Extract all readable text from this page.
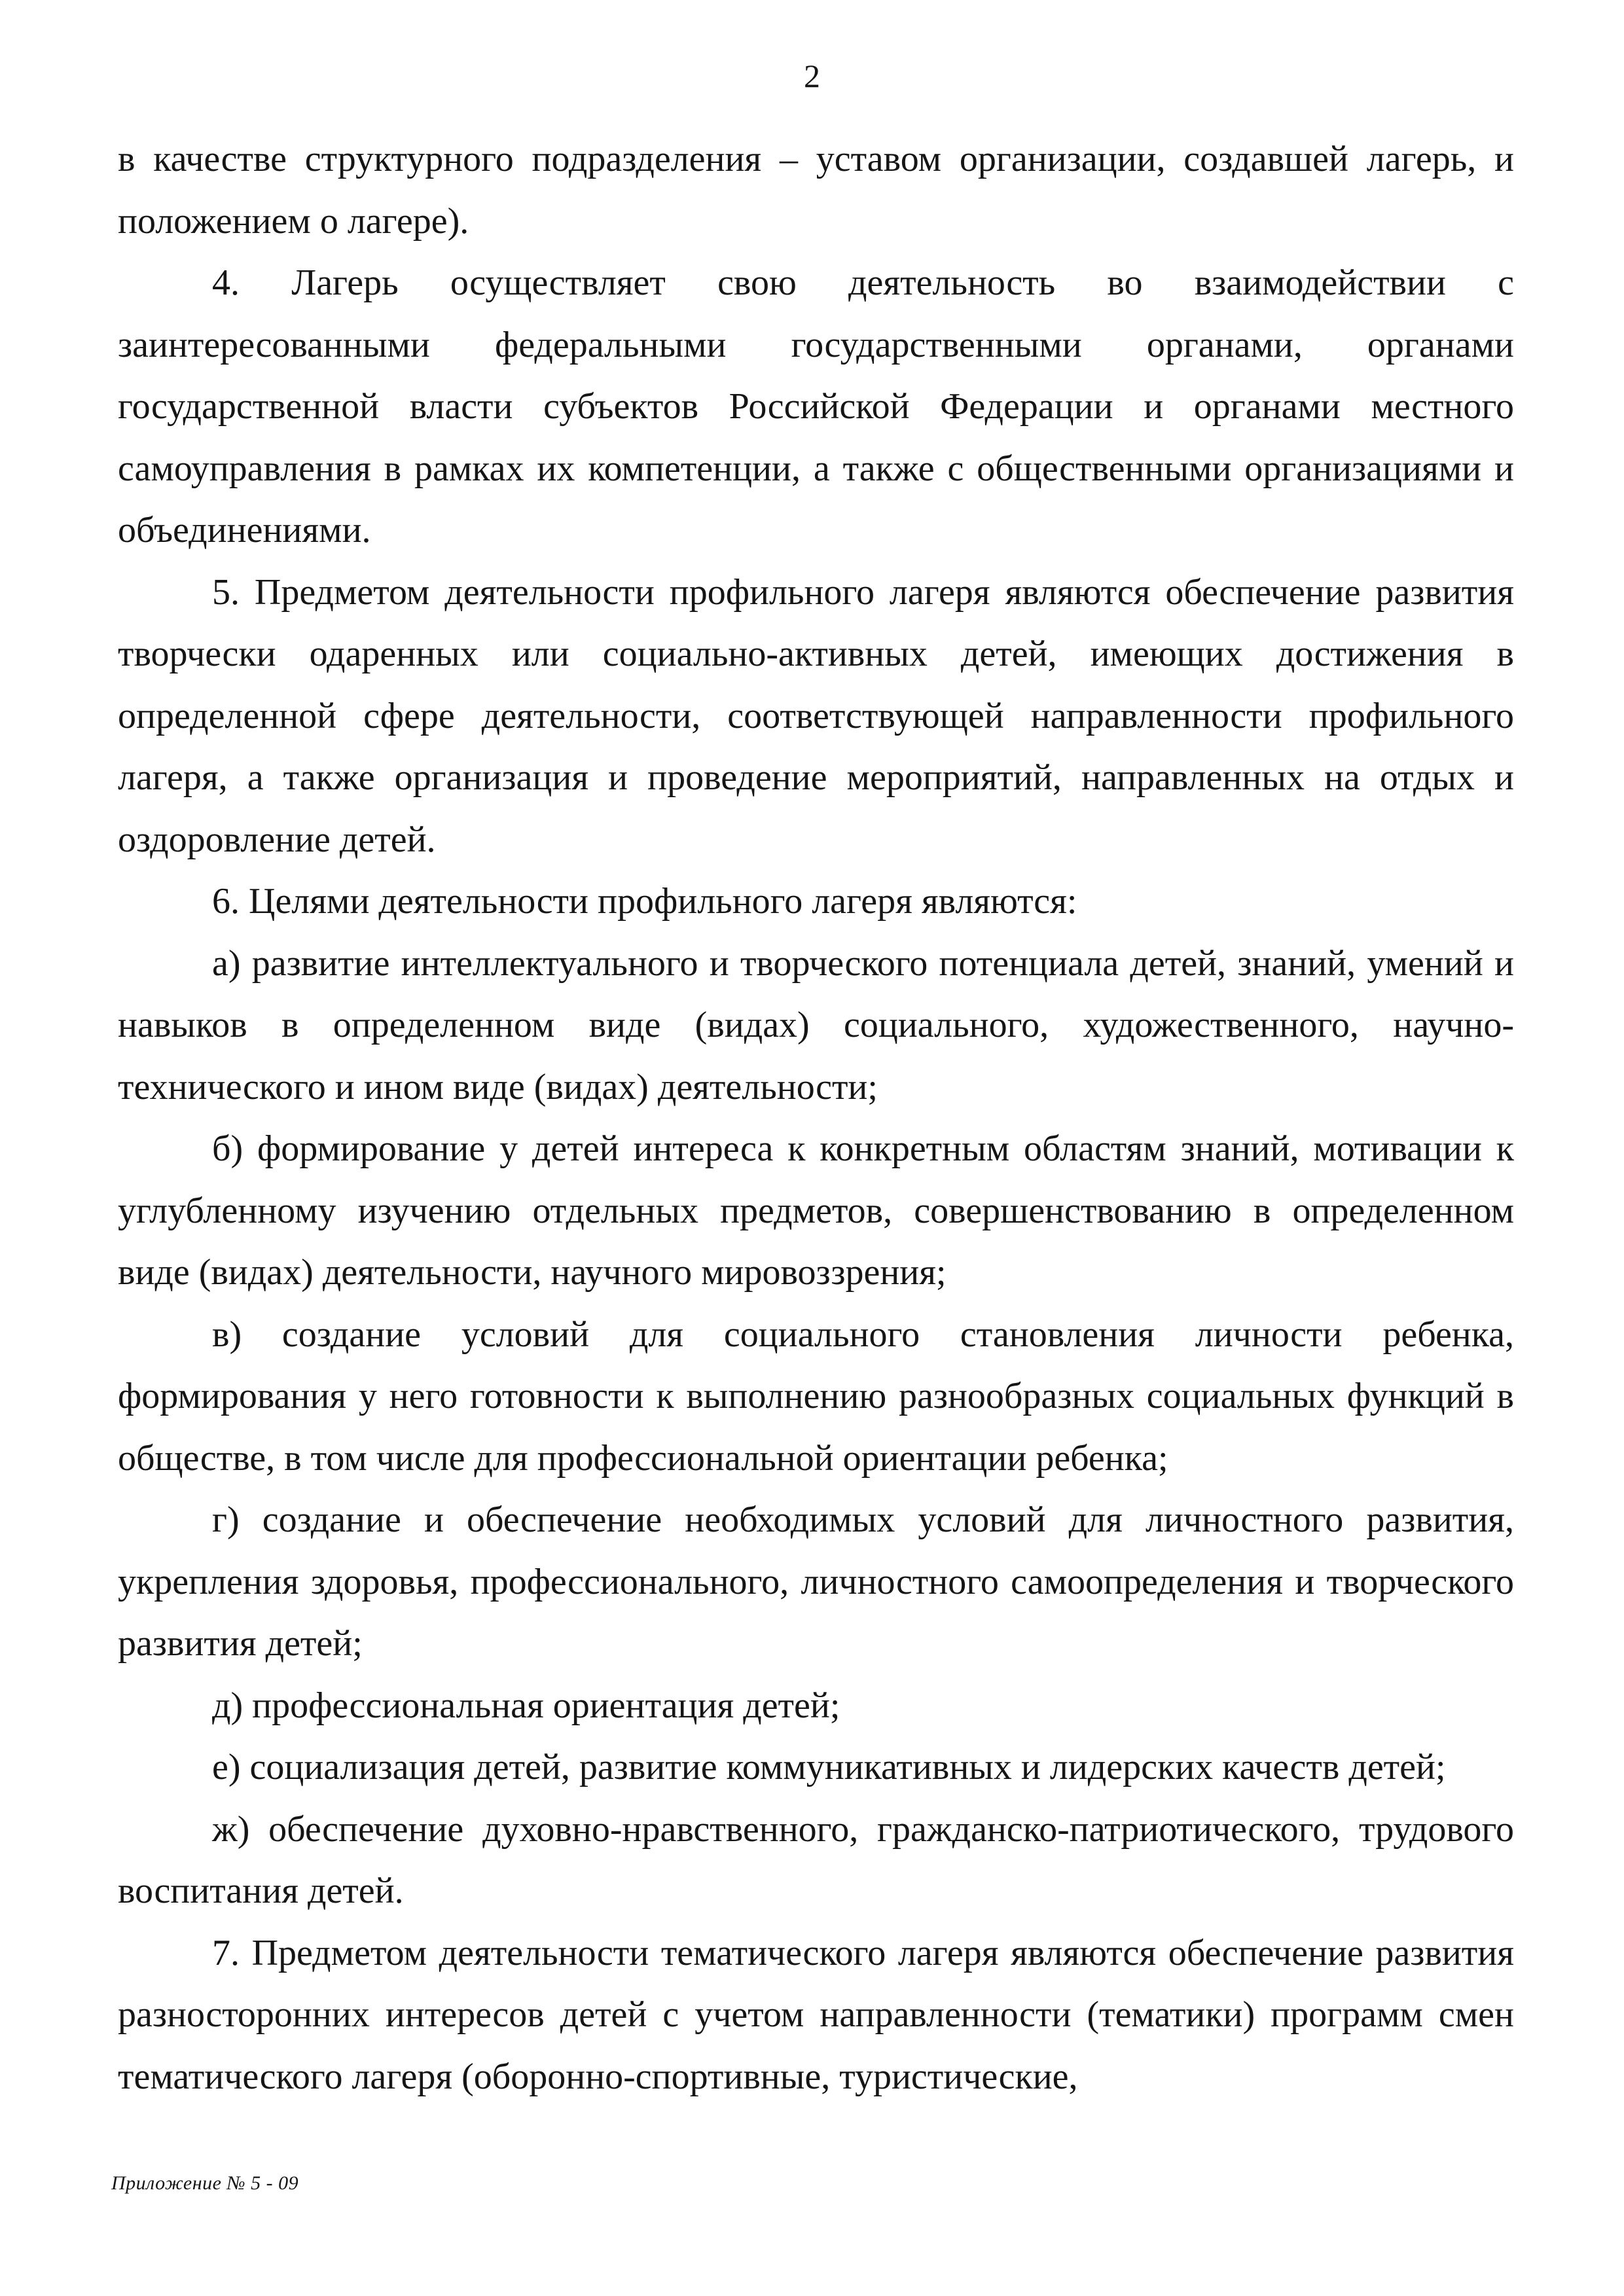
2

в качестве структурного подразделения – уставом организации, создавшей лагерь, и положением о лагере).

4. Лагерь осуществляет свою деятельность во взаимодействии с заинтересованными федеральными государственными органами, органами государственной власти субъектов Российской Федерации и органами местного самоуправления в рамках их компетенции, а также с общественными организациями и объединениями.

5. Предметом деятельности профильного лагеря являются обеспечение развития творчески одаренных или социально-активных детей, имеющих достижения в определенной сфере деятельности, соответствующей направленности профильного лагеря, а также организация и проведение мероприятий, направленных на отдых и оздоровление детей.

6. Целями деятельности профильного лагеря являются:

а) развитие интеллектуального и творческого потенциала детей, знаний, умений и навыков в определенном виде (видах) социального, художественного, научно-технического и ином виде (видах) деятельности;

б) формирование у детей интереса к конкретным областям знаний, мотивации к углубленному изучению отдельных предметов, совершенствованию в определенном виде (видах) деятельности, научного мировоззрения;

в) создание условий для социального становления личности ребенка, формирования у него готовности к выполнению разнообразных социальных функций в обществе, в том числе для профессиональной ориентации ребенка;

г) создание и обеспечение необходимых условий для личностного развития, укрепления здоровья, профессионального, личностного самоопределения и творческого развития детей;

д) профессиональная ориентация детей;

е) социализация детей, развитие коммуникативных и лидерских качеств детей;

ж) обеспечение духовно-нравственного, гражданско-патриотического, трудового воспитания детей.

7. Предметом деятельности тематического лагеря являются обеспечение развития разносторонних интересов детей с учетом направленности (тематики) программ смен тематического лагеря (оборонно-спортивные, туристические,

Приложение № 5 - 09
